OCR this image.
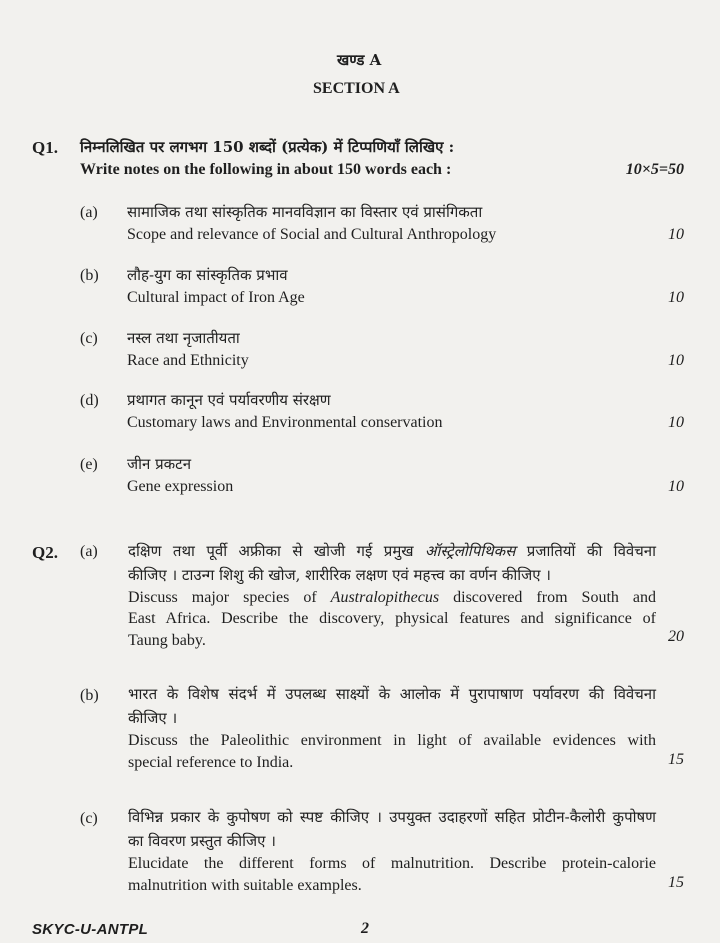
खण्ड A
SECTION A
Q1. निम्नलिखित पर लगभग 150 शब्दों (प्रत्येक) में टिप्पणियाँ लिखिए :
Write notes on the following in about 150 words each :	10×5=50
(a) सामाजिक तथा सांस्कृतिक मानवविज्ञान का विस्तार एवं प्रासंगिकता
Scope and relevance of Social and Cultural Anthropology	10
(b) लौह-युग का सांस्कृतिक प्रभाव
Cultural impact of Iron Age	10
(c) नस्ल तथा नृजातीयता
Race and Ethnicity	10
(d) प्रथागत कानून एवं पर्यावरणीय संरक्षण
Customary laws and Environmental conservation	10
(e) जीन प्रकटन
Gene expression	10
Q2. (a) दक्षिण तथा पूर्वी अफ्रीका से खोजी गई प्रमुख ऑस्ट्रेलोपिथिकस प्रजातियों की विवेचना
कीजिए । टाउन्ग शिशु की खोज, शारीरिक लक्षण एवं महत्त्व का वर्णन कीजिए ।
Discuss major species of Australopithecus discovered from South and
East Africa. Describe the discovery, physical features and significance of
Taung baby.	20
(b) भारत के विशेष संदर्भ में उपलब्ध साक्ष्यों के आलोक में पुरापाषाण पर्यावरण की विवेचना
कीजिए ।
Discuss the Paleolithic environment in light of available evidences with
special reference to India.	15
(c) विभिन्न प्रकार के कुपोषण को स्पष्ट कीजिए । उपयुक्त उदाहरणों सहित प्रोटीन-कैलोरी कुपोषण
का विवरण प्रस्तुत कीजिए ।
Elucidate the different forms of malnutrition. Describe protein-calorie
malnutrition with suitable examples.	15
SKYC-U-ANTPL	2
